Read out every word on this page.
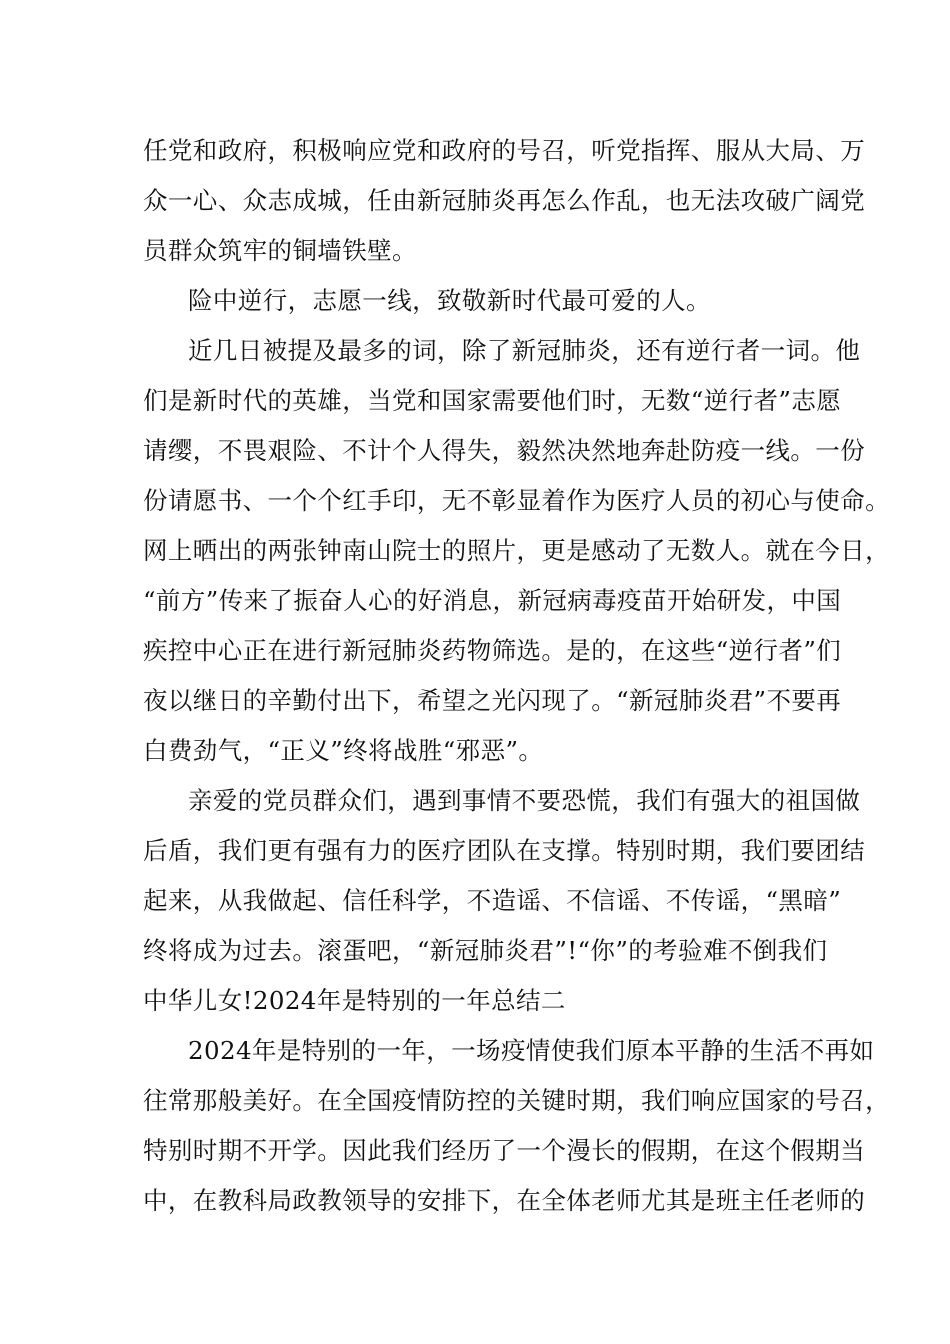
任党和政府，积极响应党和政府的号召，听党指挥、服从大局、万
众一心、众志成城，任由新冠肺炎再怎么作乱，也无法攻破广阔党
员群众筑牢的铜墙铁壁。
险中逆行，志愿一线，致敬新时代最可爱的人。
近几日被提及最多的词，除了新冠肺炎，还有逆行者一词。他
们是新时代的英雄，当党和国家需要他们时，无数“逆行者”志愿
请缨，不畏艰险、不计个人得失，毅然决然地奔赴防疫一线。一份
份请愿书、一个个红手印，无不彰显着作为医疗人员的初心与使命。
网上晒出的两张钟南山院士的照片，更是感动了无数人。就在今日，
“前方”传来了振奋人心的好消息，新冠病毒疫苗开始研发，中国
疾控中心正在进行新冠肺炎药物筛选。是的，在这些“逆行者”们
夜以继日的辛勤付出下，希望之光闪现了。“新冠肺炎君”不要再
白费劲气，“正义”终将战胜“邪恶”。
亲爱的党员群众们，遇到事情不要恐慌，我们有强大的祖国做
后盾，我们更有强有力的医疗团队在支撑。特别时期，我们要团结
起来，从我做起、信任科学，不造谣、不信谣、不传谣，“黑暗”
终将成为过去。滚蛋吧，“新冠肺炎君”!“你”的考验难不倒我们
中华儿女!2024年是特别的一年总结二
2024年是特别的一年，一场疫情使我们原本平静的生活不再如
往常那般美好。在全国疫情防控的关键时期，我们响应国家的号召，
特别时期不开学。因此我们经历了一个漫长的假期，在这个假期当
中，在教科局政教领导的安排下，在全体老师尤其是班主任老师的
